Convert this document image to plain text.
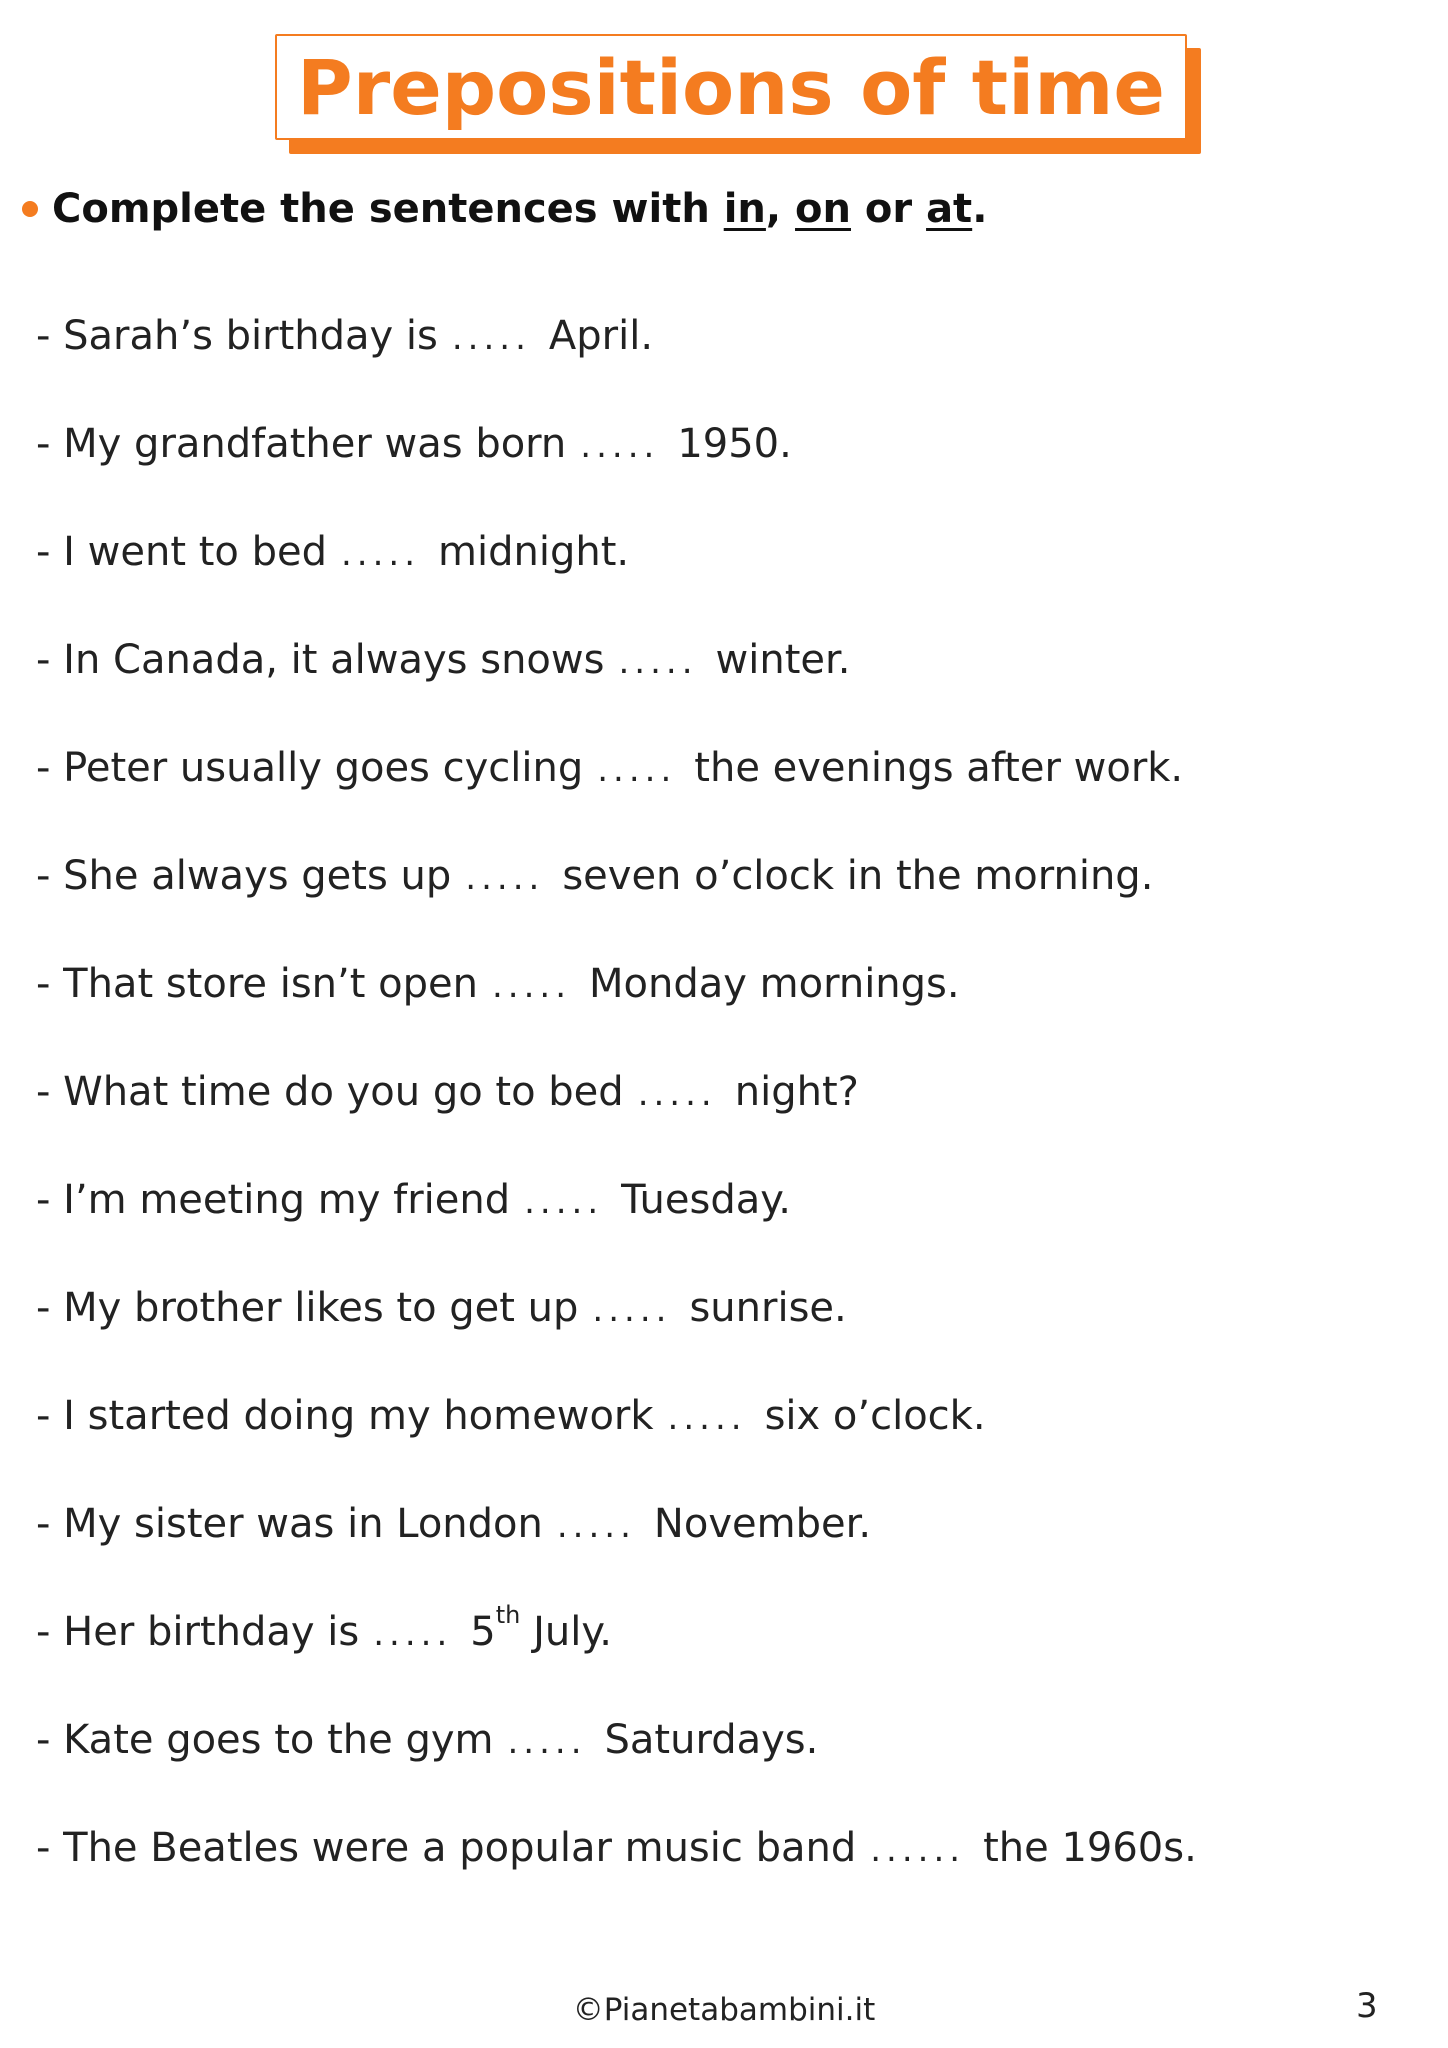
Prepositions of time
Complete the sentences with in , on or at .
- Sarah’s birthday is ..... April.
- My grandfather was born ..... 1950.
- I went to bed ..... midnight.
- In Canada, it always snows ..... winter.
- Peter usually goes cycling ..... the evenings after work.
- She always gets up ..... seven o’clock in the morning.
- That store isn’t open ..... Monday mornings.
- What time do you go to bed ..... night?
- I’m meeting my friend ..... Tuesday.
- My brother likes to get up ..... sunrise.
- I started doing my homework ..... six o’clock.
- My sister was in London ..... November.
- Her birthday is ..... 5th July.
- Kate goes to the gym ..... Saturdays.
- The Beatles were a popular music band ...... the 1960s.
©Pianetabambini.it	3
